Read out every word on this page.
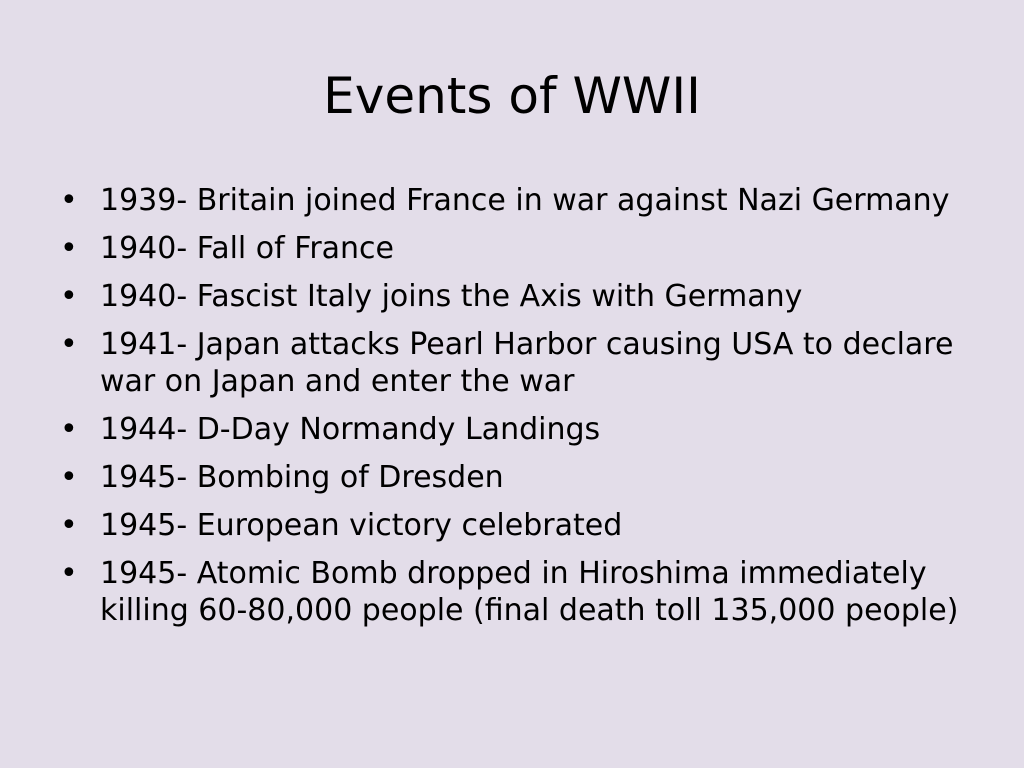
Events of WWII
• 1939- Britain joined France in war against Nazi Germany
• 1940- Fall of France
• 1940- Fascist Italy joins the Axis with Germany
• 1941- Japan attacks Pearl Harbor causing USA to declare war on Japan and enter the war
• 1944- D-Day Normandy Landings
• 1945- Bombing of Dresden
• 1945- European victory celebrated
• 1945- Atomic Bomb dropped in Hiroshima immediately killing 60-80,000 people (final death toll 135,000 people)
